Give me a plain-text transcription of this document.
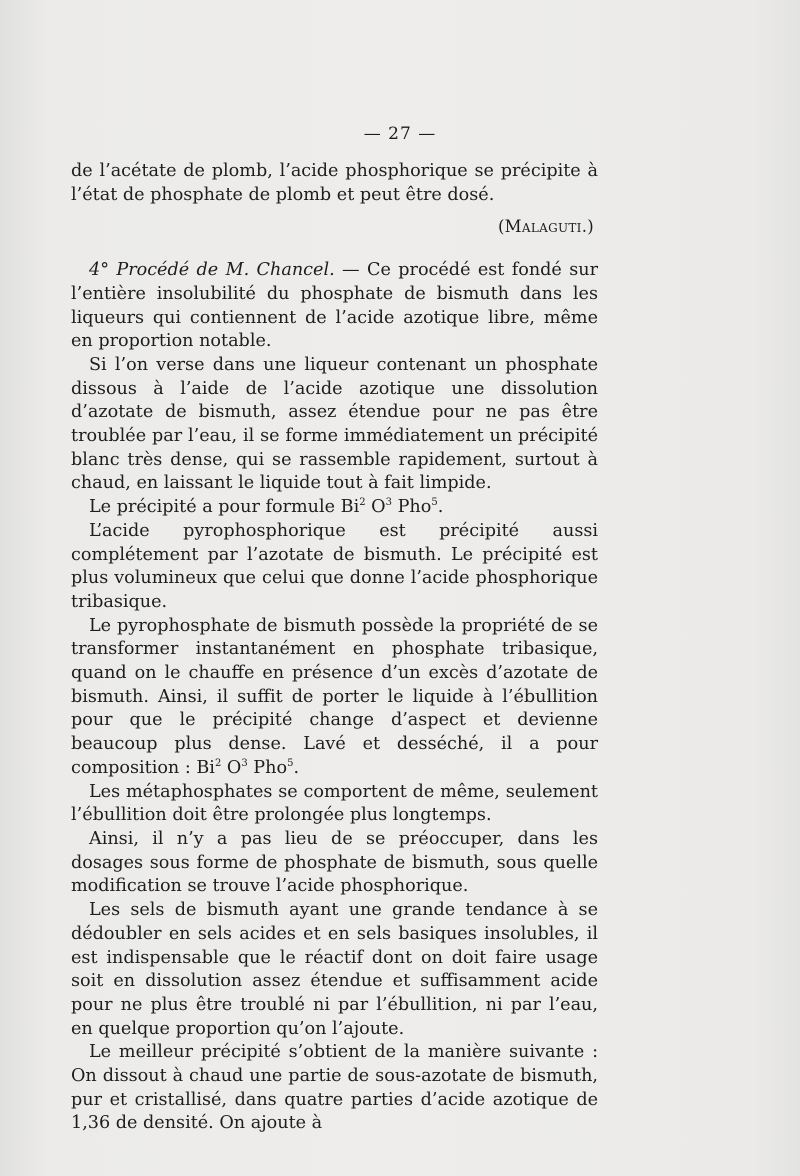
— 27 —

de l’acétate de plomb, l’acide phosphorique se précipite à l’état de phosphate de plomb et peut être dosé.

(Malaguti.)

4° Procédé de M. Chancel. — Ce procédé est fondé sur l’entière insolubilité du phosphate de bismuth dans les liqueurs qui contiennent de l’acide azotique libre, même en proportion notable.

Si l’on verse dans une liqueur contenant un phosphate dissous à l’aide de l’acide azotique une dissolution d’azotate de bismuth, assez étendue pour ne pas être troublée par l’eau, il se forme immédiatement un précipité blanc très dense, qui se rassemble rapidement, surtout à chaud, en laissant le liquide tout à fait limpide.

Le précipité a pour formule Bi$^2$ $O^3$ Pho$^5$.

L’acide pyrophosphorique est précipité aussi complétement par l’azotate de bismuth. Le précipité est plus volumineux que celui que donne l’acide phosphorique tribasique.

Le pyrophosphate de bismuth possède la propriété de se transformer instantanément en phosphate tribasique, quand on le chauffe en présence d’un excès d’azotate de bismuth. Ainsi, il suffit de porter le liquide à l’ébullition pour que le précipité change d’aspect et devienne beaucoup plus dense. Lavé et desséché, il a pour composition : Bi$^2$ $O^3$ Pho$^5$.

Les métaphosphates se comportent de même, seulement l’ébullition doit être prolongée plus longtemps.

Ainsi, il n’y a pas lieu de se préoccuper, dans les dosages sous forme de phosphate de bismuth, sous quelle modification se trouve l’acide phosphorique.

Les sels de bismuth ayant une grande tendance à se dédoubler en sels acides et en sels basiques insolubles, il est indispensable que le réactif dont on doit faire usage soit en dissolution assez étendue et suffisamment acide pour ne plus être troublé ni par l’ébullition, ni par l’eau, en quelque proportion qu’on l’ajoute.

Le meilleur précipité s’obtient de la manière suivante : On dissout à chaud une partie de sous-azotate de bismuth, pur et cristallisé, dans quatre parties d’acide azotique de 1,36 de densité. On ajoute à
